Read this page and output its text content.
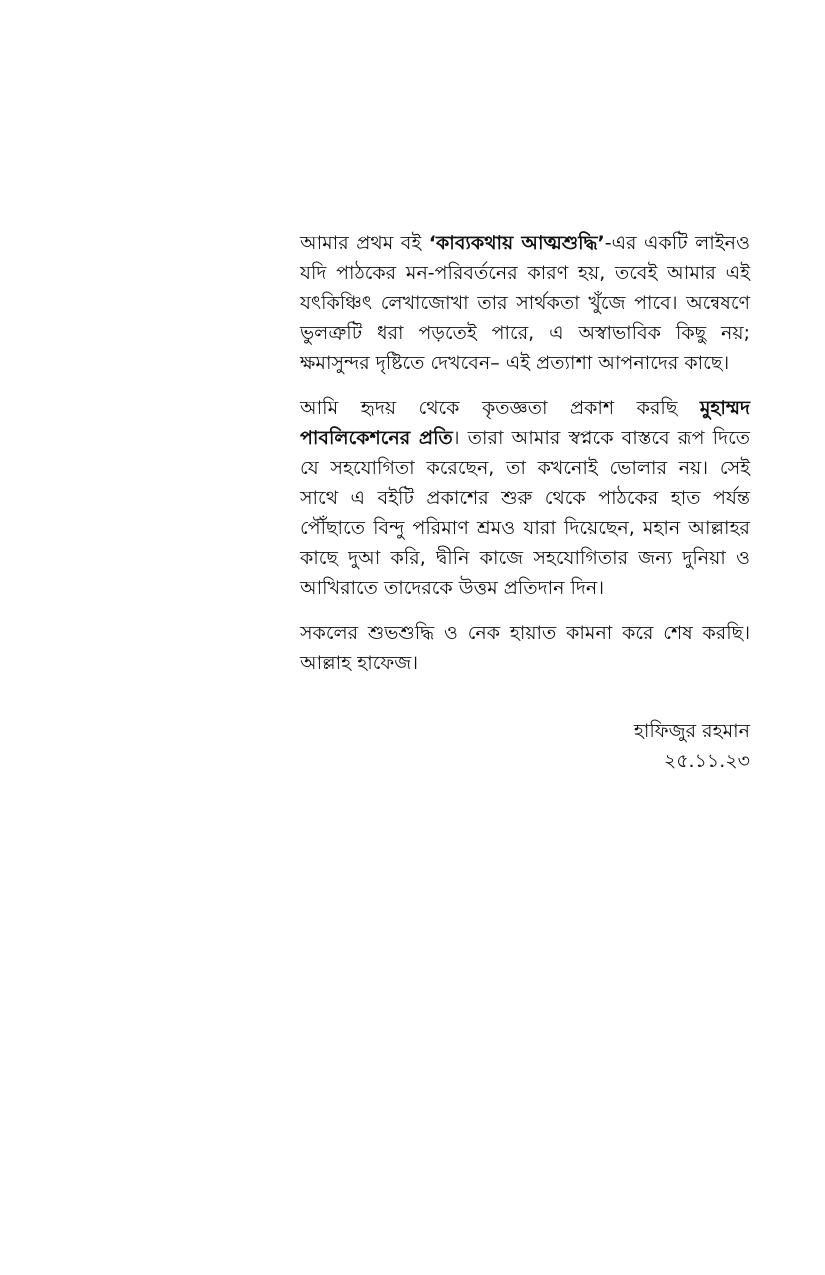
আমার প্রথম বই ‘কাব্যকথায় আত্মশুদ্ধি’-এর একটি লাইনও যদি পাঠকের মন-পরিবর্তনের কারণ হয়, তবেই আমার এই যৎকিঞ্চিৎ লেখাজোখা তার সার্থকতা খুঁজে পাবে। অন্বেষণে ভুলত্রুটি ধরা পড়তেই পারে, এ অস্বাভাবিক কিছু নয়; ক্ষমাসুন্দর দৃষ্টিতে দেখবেন– এই প্রত্যাশা আপনাদের কাছে।

আমি হৃদয় থেকে কৃতজ্ঞতা প্রকাশ করছি মুহাম্মদ পাবলিকেশনের প্রতি। তারা আমার স্বপ্নকে বাস্তবে রূপ দিতে যে সহযোগিতা করেছেন, তা কখনোই ভোলার নয়। সেই সাথে এ বইটি প্রকাশের শুরু থেকে পাঠকের হাত পর্যন্ত পৌঁছাতে বিন্দু পরিমাণ শ্রমও যারা দিয়েছেন, মহান আল্লাহর কাছে দুআ করি, দ্বীনি কাজে সহযোগিতার জন্য দুনিয়া ও আখিরাতে তাদেরকে উত্তম প্রতিদান দিন।

সকলের শুভশুদ্ধি ও নেক হায়াত কামনা করে শেষ করছি। আল্লাহ হাফেজ।

হাফিজুর রহমান
২৫.১১.২৩
